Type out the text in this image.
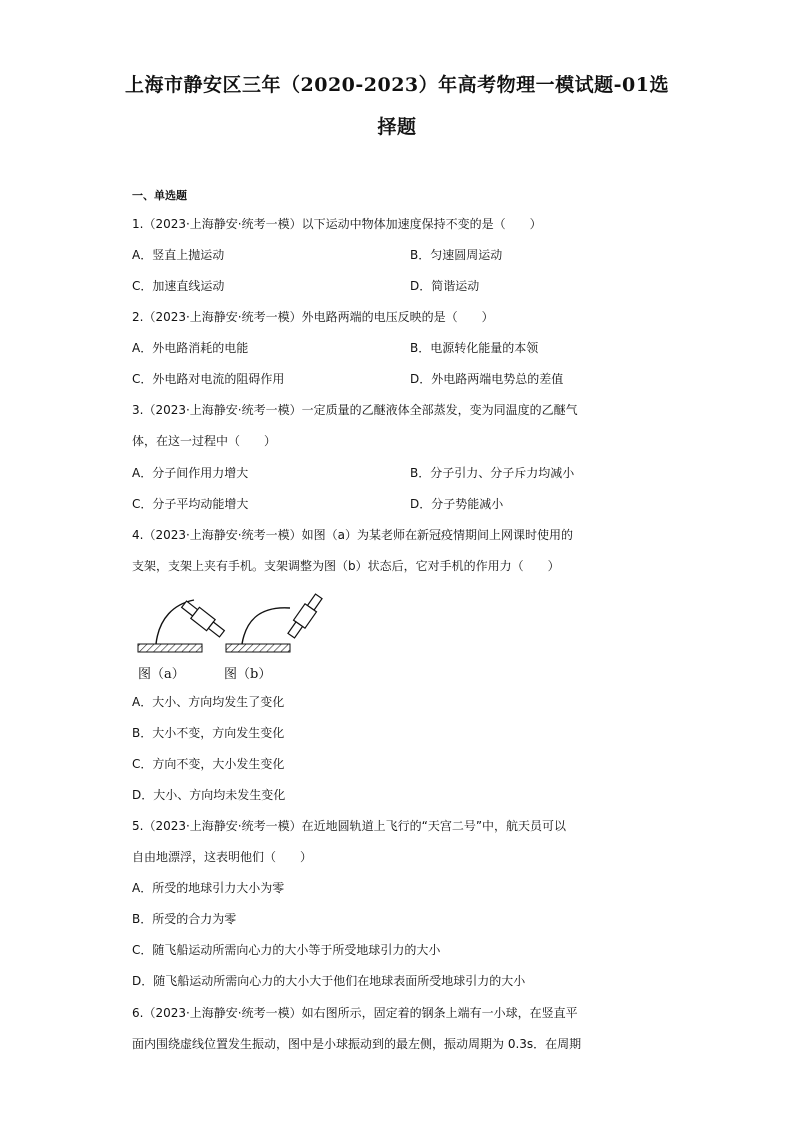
上海市静安区三年（2020-2023）年高考物理一模试题-01选
择题
一、单选题
1.（2023·上海静安·统考一模）以下运动中物体加速度保持不变的是（　　）
A．竖直上抛运动	B．匀速圆周运动
C．加速直线运动	D．简谐运动
2.（2023·上海静安·统考一模）外电路两端的电压反映的是（　　）
A．外电路消耗的电能	B．电源转化能量的本领
C．外电路对电流的阻碍作用	D．外电路两端电势总的差值
3.（2023·上海静安·统考一模）一定质量的乙醚液体全部蒸发，变为同温度的乙醚气
体，在这一过程中（　　）
A．分子间作用力增大	B．分子引力、分子斥力均减小
C．分子平均动能增大	D．分子势能减小
4.（2023·上海静安·统考一模）如图（a）为某老师在新冠疫情期间上网课时使用的
支架，支架上夹有手机。支架调整为图（b）状态后，它对手机的作用力（　　）
图（a）	图（b）
A．大小、方向均发生了变化
B．大小不变，方向发生变化
C．方向不变，大小发生变化
D．大小、方向均未发生变化
5.（2023·上海静安·统考一模）在近地圆轨道上飞行的“天宫二号”中，航天员可以
自由地漂浮，这表明他们（　　）
A．所受的地球引力大小为零
B．所受的合力为零
C．随飞船运动所需向心力的大小等于所受地球引力的大小
D．随飞船运动所需向心力的大小大于他们在地球表面所受地球引力的大小
6.（2023·上海静安·统考一模）如右图所示，固定着的钢条上端有一小球，在竖直平
面内围绕虚线位置发生振动，图中是小球振动到的最左侧，振动周期为 0.3s．在周期
